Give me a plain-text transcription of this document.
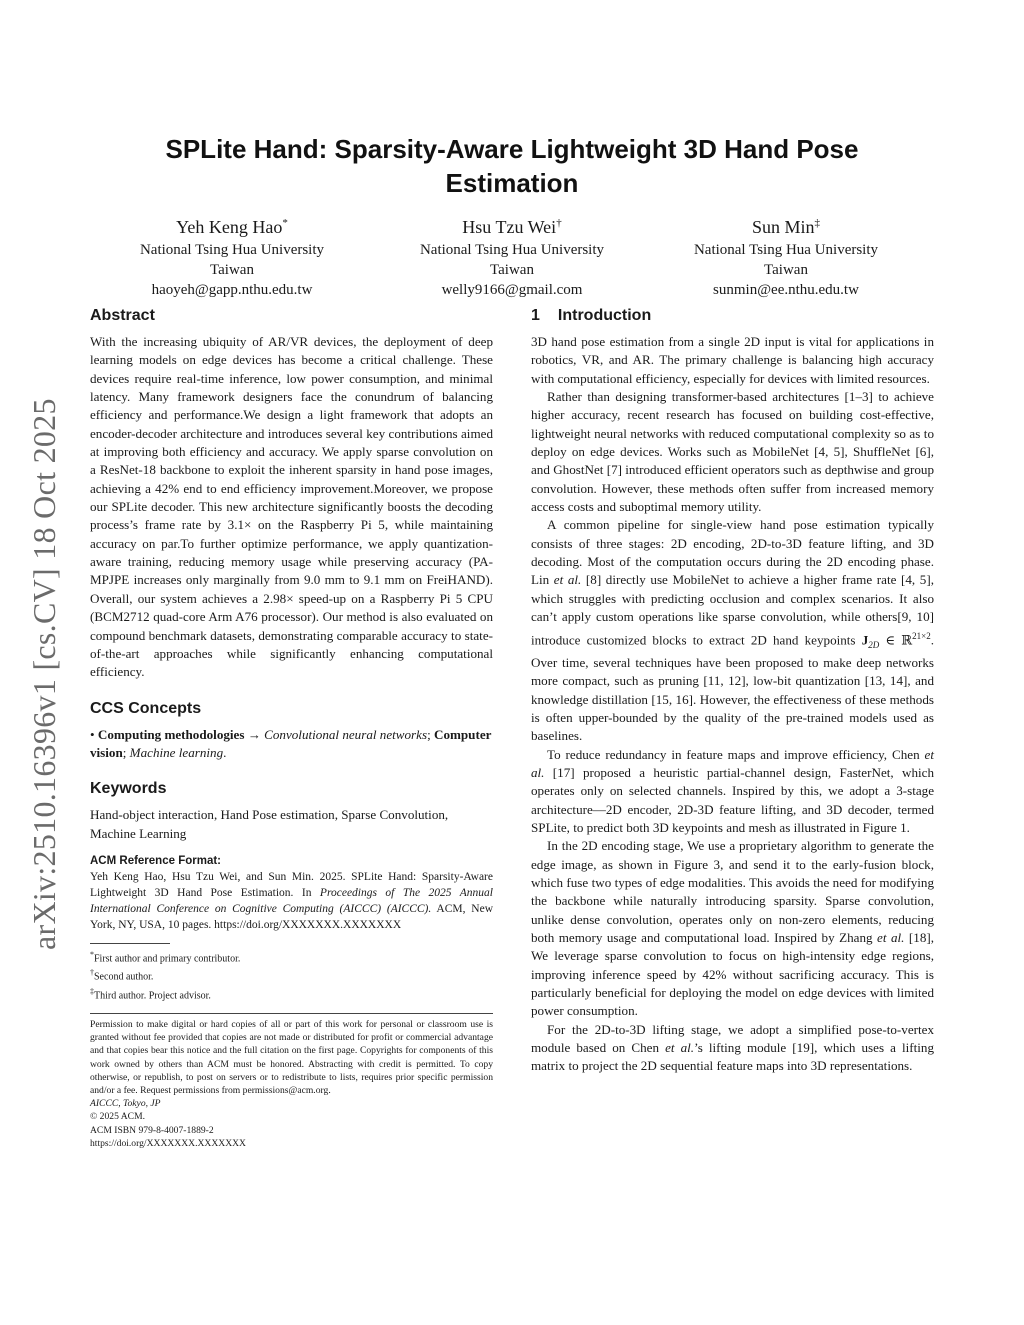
arXiv:2510.16396v1 [cs.CV] 18 Oct 2025
SPLite Hand: Sparsity-Aware Lightweight 3D Hand Pose Estimation
Yeh Keng Hao*
National Tsing Hua University
Taiwan
haoyeh@gapp.nthu.edu.tw
Hsu Tzu Wei†
National Tsing Hua University
Taiwan
welly9166@gmail.com
Sun Min‡
National Tsing Hua University
Taiwan
sunmin@ee.nthu.edu.tw
Abstract

With the increasing ubiquity of AR/VR devices, the deployment of deep learning models on edge devices has become a critical challenge. These devices require real-time inference, low power consumption, and minimal latency. Many framework designers face the conundrum of balancing efficiency and performance.We design a light framework that adopts an encoder-decoder architecture and introduces several key contributions aimed at improving both efficiency and accuracy. We apply sparse convolution on a ResNet-18 backbone to exploit the inherent sparsity in hand pose images, achieving a 42% end to end efficiency improvement.Moreover, we propose our SPLite decoder. This new architecture significantly boosts the decoding process’s frame rate by 3.1× on the Raspberry Pi 5, while maintaining accuracy on par.To further optimize performance, we apply quantization-aware training, reducing memory usage while preserving accuracy (PA-MPJPE increases only marginally from 9.0 mm to 9.1 mm on FreiHAND). Overall, our system achieves a 2.98× speed-up on a Raspberry Pi 5 CPU (BCM2712 quad-core Arm A76 processor). Our method is also evaluated on compound benchmark datasets, demonstrating comparable accuracy to state-of-the-art approaches while significantly enhancing computational efficiency.

CCS Concepts

• Computing methodologies → Convolutional neural networks; Computer vision; Machine learning.

Keywords

Hand-object interaction, Hand Pose estimation, Sparse Convolution, Machine Learning

ACM Reference Format:

Yeh Keng Hao, Hsu Tzu Wei, and Sun Min. 2025. SPLite Hand: Sparsity-Aware Lightweight 3D Hand Pose Estimation. In Proceedings of The 2025 Annual International Conference on Cognitive Computing (AICCC) (AICCC). ACM, New York, NY, USA, 10 pages. https://doi.org/XXXXXXX.XXXXXXX

*First author and primary contributor.
†Second author.
‡Third author. Project advisor.

Permission to make digital or hard copies of all or part of this work for personal or classroom use is granted without fee provided that copies are not made or distributed for profit or commercial advantage and that copies bear this notice and the full citation on the first page. Copyrights for components of this work owned by others than ACM must be honored. Abstracting with credit is permitted. To copy otherwise, or republish, to post on servers or to redistribute to lists, requires prior specific permission and/or a fee. Request permissions from permissions@acm.org.

AICCC, Tokyo, JP
© 2025 ACM.
ACM ISBN 979-8-4007-1889-2
https://doi.org/XXXXXXX.XXXXXXX
1 Introduction

3D hand pose estimation from a single 2D input is vital for applications in robotics, VR, and AR. The primary challenge is balancing high accuracy with computational efficiency, especially for devices with limited resources.

Rather than designing transformer-based architectures [1–3] to achieve higher accuracy, recent research has focused on building cost-effective, lightweight neural networks with reduced computational complexity so as to deploy on edge devices. Works such as MobileNet [4, 5], ShuffleNet [6], and GhostNet [7] introduced efficient operators such as depthwise and group convolution. However, these methods often suffer from increased memory access costs and suboptimal memory utility.

A common pipeline for single-view hand pose estimation typically consists of three stages: 2D encoding, 2D-to-3D feature lifting, and 3D decoding. Most of the computation occurs during the 2D encoding phase. Lin et al. [8] directly use MobileNet to achieve a higher frame rate [4, 5], which struggles with predicting occlusion and complex scenarios. It also can’t apply custom operations like sparse convolution, while others[9, 10] introduce customized blocks to extract 2D hand keypoints $J_{2D}$ ∈ ℝ$^{21\times 2}$. Over time, several techniques have been proposed to make deep networks more compact, such as pruning [11, 12], low-bit quantization [13, 14], and knowledge distillation [15, 16]. However, the effectiveness of these methods is often upper-bounded by the quality of the pre-trained models used as baselines.

To reduce redundancy in feature maps and improve efficiency, Chen et al. [17] proposed a heuristic partial-channel design, FasterNet, which operates only on selected channels. Inspired by this, we adopt a 3-stage architecture—2D encoder, 2D-3D feature lifting, and 3D decoder, termed SPLite, to predict both 3D keypoints and mesh as illustrated in Figure 1.

In the 2D encoding stage, We use a proprietary algorithm to generate the edge image, as shown in Figure 3, and send it to the early-fusion block, which fuse two types of edge modalities. This avoids the need for modifying the backbone while naturally introducing sparsity. Sparse convolution, unlike dense convolution, operates only on non-zero elements, reducing both memory usage and computational load. Inspired by Zhang et al. [18], We leverage sparse convolution to focus on high-intensity edge regions, improving inference speed by 42% without sacrificing accuracy. This is particularly beneficial for deploying the model on edge devices with limited power consumption.

For the 2D-to-3D lifting stage, we adopt a simplified pose-to-vertex module based on Chen et al.’s lifting module [19], which uses a lifting matrix to project the 2D sequential feature maps into 3D representations.
